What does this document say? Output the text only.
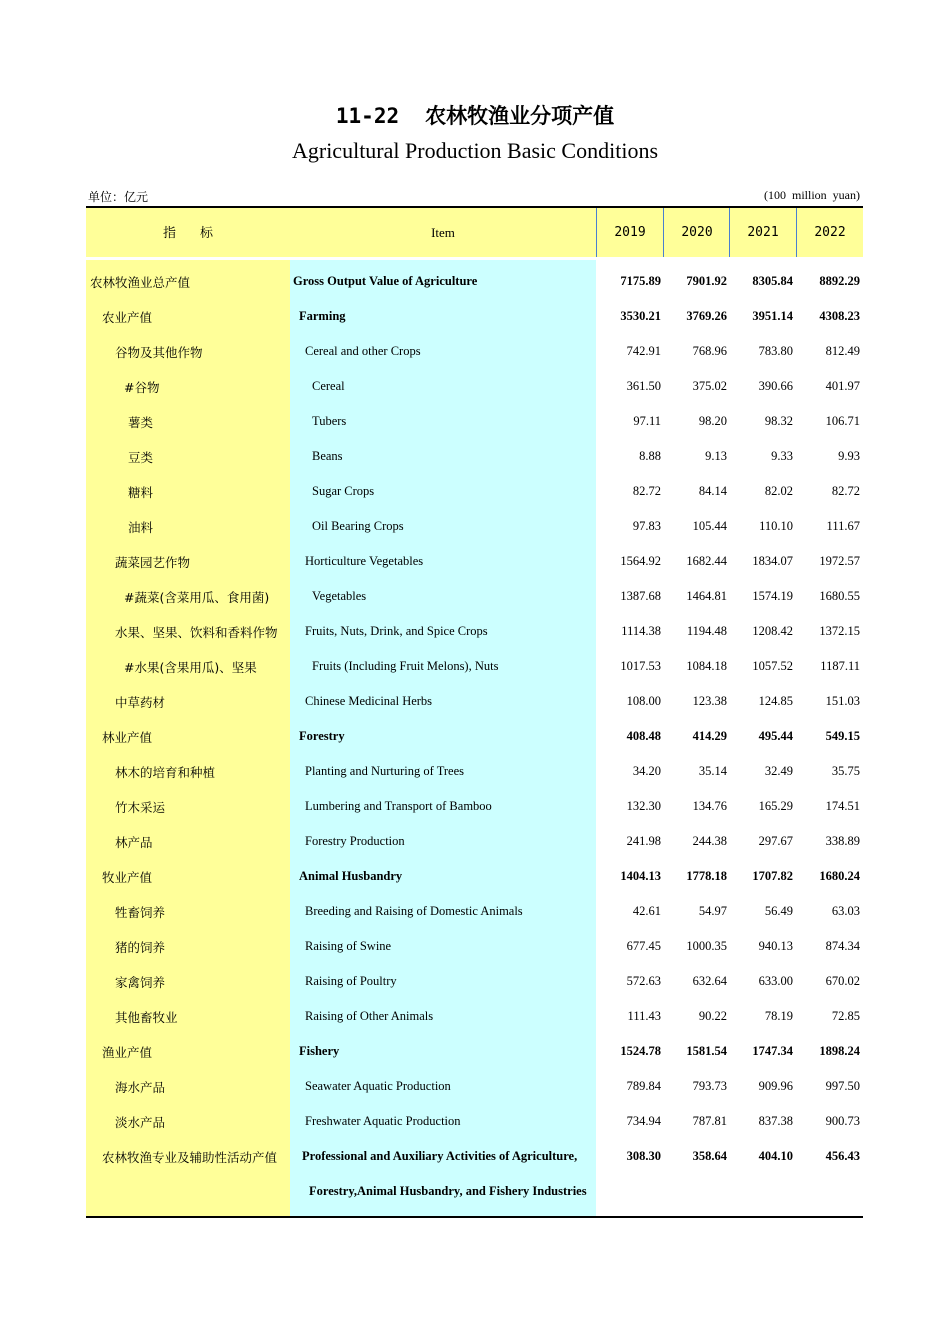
11-22 农林牧渔业分项产值
Agricultural Production Basic Conditions
单位：亿元	(100 million yuan)
指 标	Item	2019	2020	2021	2022
农林牧渔业总产值	Gross Output Value of Agriculture	7175.89	7901.92	8305.84	8892.29
农业产值	Farming	3530.21	3769.26	3951.14	4308.23
谷物及其他作物	Cereal and other Crops	742.91	768.96	783.80	812.49
#谷物	Cereal	361.50	375.02	390.66	401.97
薯类	Tubers	97.11	98.20	98.32	106.71
豆类	Beans	8.88	9.13	9.33	9.93
糖料	Sugar Crops	82.72	84.14	82.02	82.72
油料	Oil Bearing Crops	97.83	105.44	110.10	111.67
蔬菜园艺作物	Horticulture Vegetables	1564.92	1682.44	1834.07	1972.57
#蔬菜(含菜用瓜、食用菌)	Vegetables	1387.68	1464.81	1574.19	1680.55
水果、坚果、饮料和香料作物 Fruits, Nuts, Drink, and Spice Crops	1114.38	1194.48	1208.42	1372.15
#水果(含果用瓜)、坚果	Fruits (Including Fruit Melons), Nuts	1017.53	1084.18	1057.52	1187.11
中草药材	Chinese Medicinal Herbs	108.00	123.38	124.85	151.03
林业产值	Forestry	408.48	414.29	495.44	549.15
林木的培育和种植	Planting and Nurturing of Trees	34.20	35.14	32.49	35.75
竹木采运	Lumbering and Transport of Bamboo	132.30	134.76	165.29	174.51
林产品	Forestry Production	241.98	244.38	297.67	338.89
牧业产值	Animal Husbandry	1404.13	1778.18	1707.82	1680.24
牲畜饲养	Breeding and Raising of Domestic Animals	42.61	54.97	56.49	63.03
猪的饲养	Raising of Swine	677.45	1000.35	940.13	874.34
家禽饲养	Raising of Poultry	572.63	632.64	633.00	670.02
其他畜牧业	Raising of Other Animals	111.43	90.22	78.19	72.85
渔业产值	Fishery	1524.78	1581.54	1747.34	1898.24
海水产品	Seawater Aquatic Production	789.84	793.73	909.96	997.50
淡水产品	Freshwater Aquatic Production	734.94	787.81	837.38	900.73
农林牧渔专业及辅助性活动产值 Professional and Auxiliary Activities of Agriculture,	308.30	358.64	404.10	456.43
Forestry,Animal Husbandry, and Fishery Industries
